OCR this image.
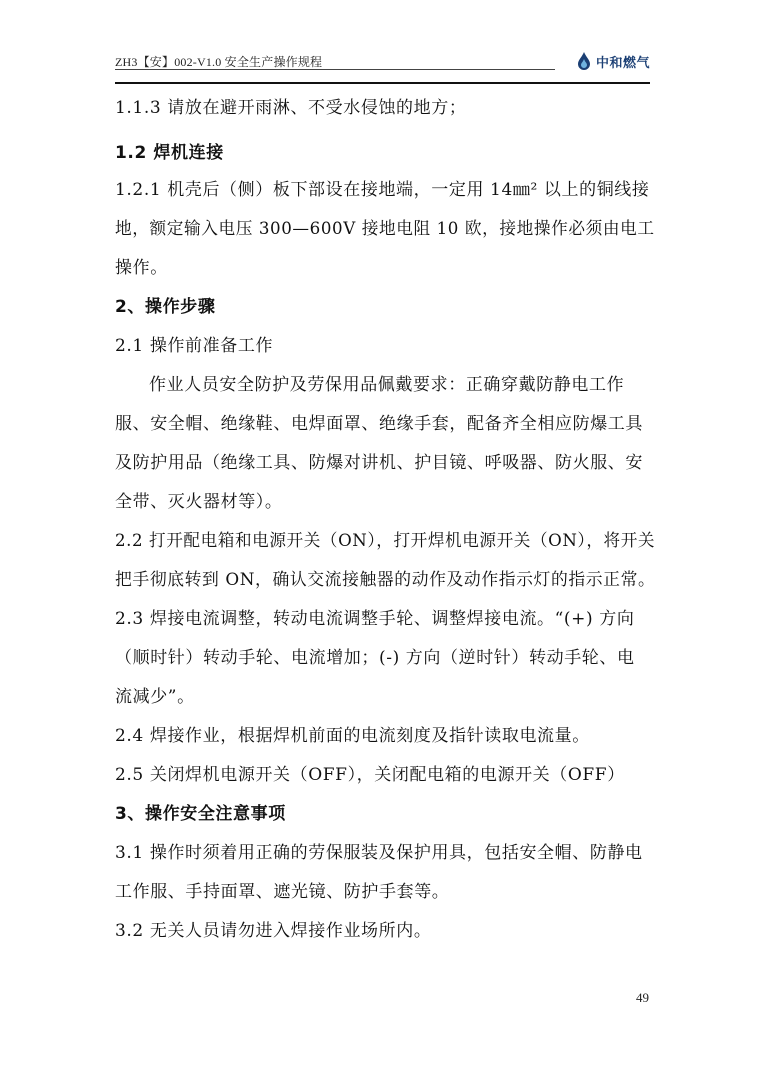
ZH3【安】002-V1.0 安全生产操作规程	中和燃气
1.1.3 请放在避开雨淋、不受水侵蚀的地方；
1.2 焊机连接
1.2.1 机壳后（侧）板下部设在接地端，一定用 14㎜² 以上的铜线接
地，额定输入电压 300—600V 接地电阻 10 欧，接地操作必须由电工
操作。
2、操作步骤
2.1 操作前准备工作
作业人员安全防护及劳保用品佩戴要求：正确穿戴防静电工作
服、安全帽、绝缘鞋、电焊面罩、绝缘手套，配备齐全相应防爆工具
及防护用品（绝缘工具、防爆对讲机、护目镜、呼吸器、防火服、安
全带、灭火器材等）。
2.2 打开配电箱和电源开关（ON），打开焊机电源开关（ON），将开关
把手彻底转到 ON，确认交流接触器的动作及动作指示灯的指示正常。
2.3 焊接电流调整，转动电流调整手轮、调整焊接电流。“(+) 方向
（顺时针）转动手轮、电流增加；(-) 方向（逆时针）转动手轮、电
流减少”。
2.4 焊接作业，根据焊机前面的电流刻度及指针读取电流量。
2.5 关闭焊机电源开关（OFF），关闭配电箱的电源开关（OFF）
3、操作安全注意事项
3.1 操作时须着用正确的劳保服装及保护用具，包括安全帽、防静电
工作服、手持面罩、遮光镜、防护手套等。
3.2 无关人员请勿进入焊接作业场所内。
49
